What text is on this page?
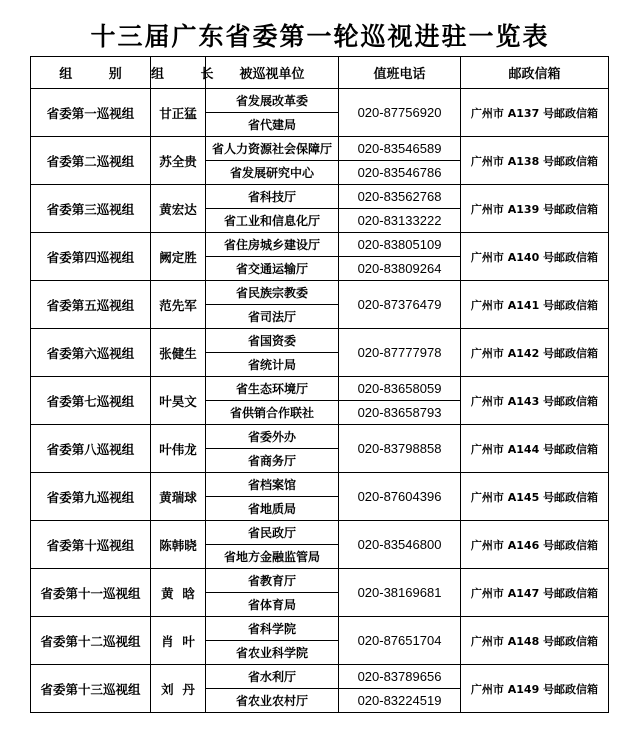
十三届广东省委第一轮巡视进驻一览表
组 别	组 长	被巡视单位	值班电话	邮政信箱
省委第一巡视组	甘正猛	省发展改革委	020-87756920	广州市 A137 号邮政信箱
		省代建局		
省委第二巡视组	苏全贵	省人力资源社会保障厅	020-83546589	广州市 A138 号邮政信箱
		省发展研究中心	020-83546786	
省委第三巡视组	黄宏达	省科技厅	020-83562768	广州市 A139 号邮政信箱
		省工业和信息化厅	020-83133222	
省委第四巡视组	阙定胜	省住房城乡建设厅	020-83805109	广州市 A140 号邮政信箱
		省交通运输厅	020-83809264	
省委第五巡视组	范先军	省民族宗教委	020-87376479	广州市 A141 号邮政信箱
		省司法厅		
省委第六巡视组	张健生	省国资委	020-87777978	广州市 A142 号邮政信箱
		省统计局		
省委第七巡视组	叶昊文	省生态环境厅	020-83658059	广州市 A143 号邮政信箱
		省供销合作联社	020-83658793	
省委第八巡视组	叶伟龙	省委外办	020-83798858	广州市 A144 号邮政信箱
		省商务厅		
省委第九巡视组	黄瑞球	省档案馆	020-87604396	广州市 A145 号邮政信箱
		省地质局		
省委第十巡视组	陈韩晓	省民政厅	020-83546800	广州市 A146 号邮政信箱
		省地方金融监管局		
省委第十一巡视组	黄  晗	省教育厅	020-38169681	广州市 A147 号邮政信箱
		省体育局		
省委第十二巡视组	肖  叶	省科学院	020-87651704	广州市 A148 号邮政信箱
		省农业科学院		
省委第十三巡视组	刘  丹	省水利厅	020-83789656	广州市 A149 号邮政信箱
		省农业农村厅	020-83224519	
